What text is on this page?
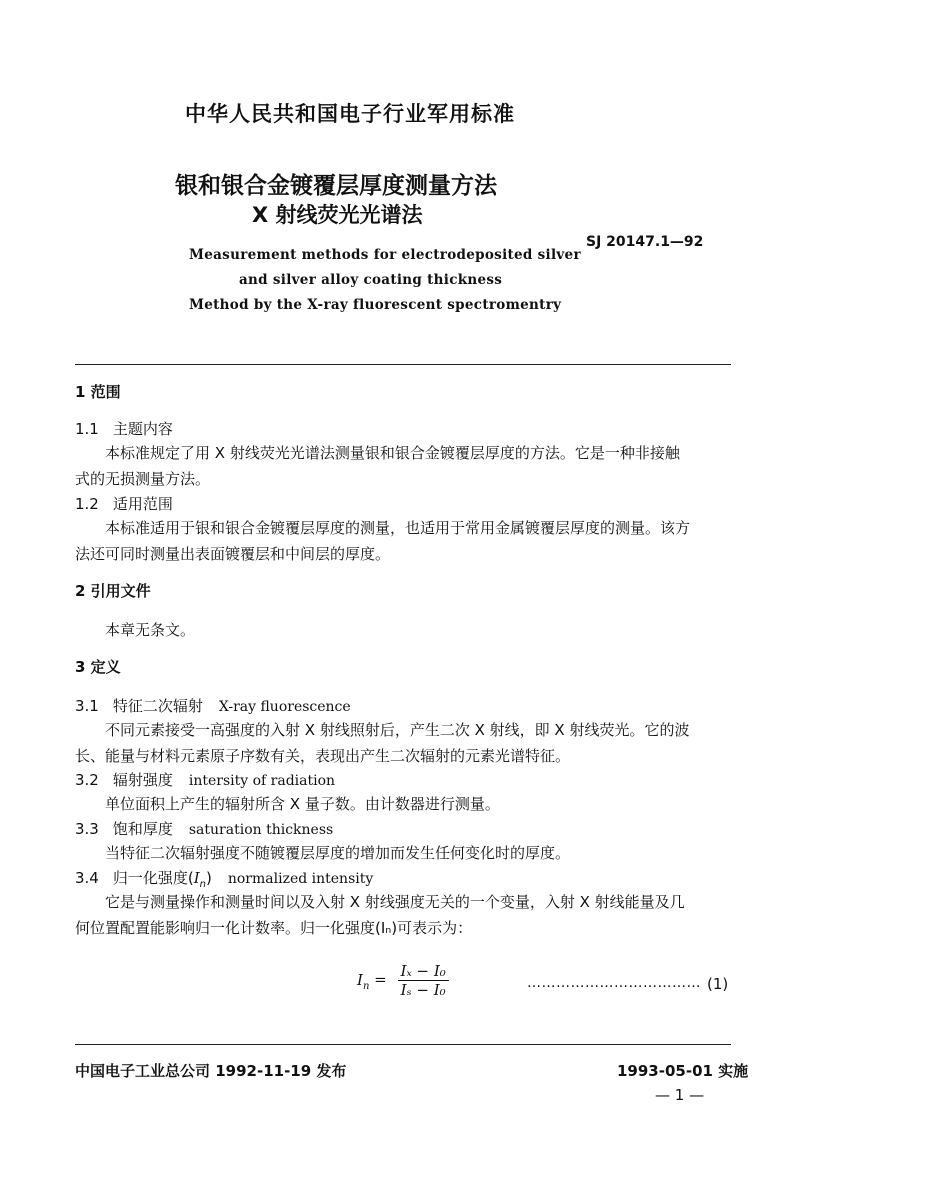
中华人民共和国电子行业军用标准
银和银合金镀覆层厚度测量方法
X 射线荧光光谱法
SJ 20147.1—92
Measurement methods for electrodeposited silver
and silver alloy coating thickness
Method by the X-ray fluorescent spectromentry
1 范围
1.1 主题内容
本标准规定了用 X 射线荧光光谱法测量银和银合金镀覆层厚度的方法。它是一种非接触
式的无损测量方法。
1.2 适用范围
本标准适用于银和银合金镀覆层厚度的测量，也适用于常用金属镀覆层厚度的测量。该方
法还可同时测量出表面镀覆层和中间层的厚度。
2 引用文件
本章无条文。
3 定义
3.1 特征二次辐射 X-ray fluorescence
不同元素接受一高强度的入射 X 射线照射后，产生二次 X 射线，即 X 射线荧光。它的波
长、能量与材料元素原子序数有关，表现出产生二次辐射的元素光谱特征。
3.2 辐射强度 intersity of radiation
单位面积上产生的辐射所含 X 量子数。由计数器进行测量。
3.3 饱和厚度 saturation thickness
当特征二次辐射强度不随镀覆层厚度的增加而发生任何变化时的厚度。
3.4 归一化强度$(I_n)$ normalized intensity
它是与测量操作和测量时间以及入射 X 射线强度无关的一个变量，入射 X 射线能量及几
何位置配置能影响归一化计数率。归一化强度(Iₙ)可表示为：
$I_n = \frac{\text{Iₓ − I₀}}{\text{Iₛ − I₀}}$	……………………………… (1)
中国电子工业总公司 1992-11-19 发布	1993-05-01 实施
— 1 —
